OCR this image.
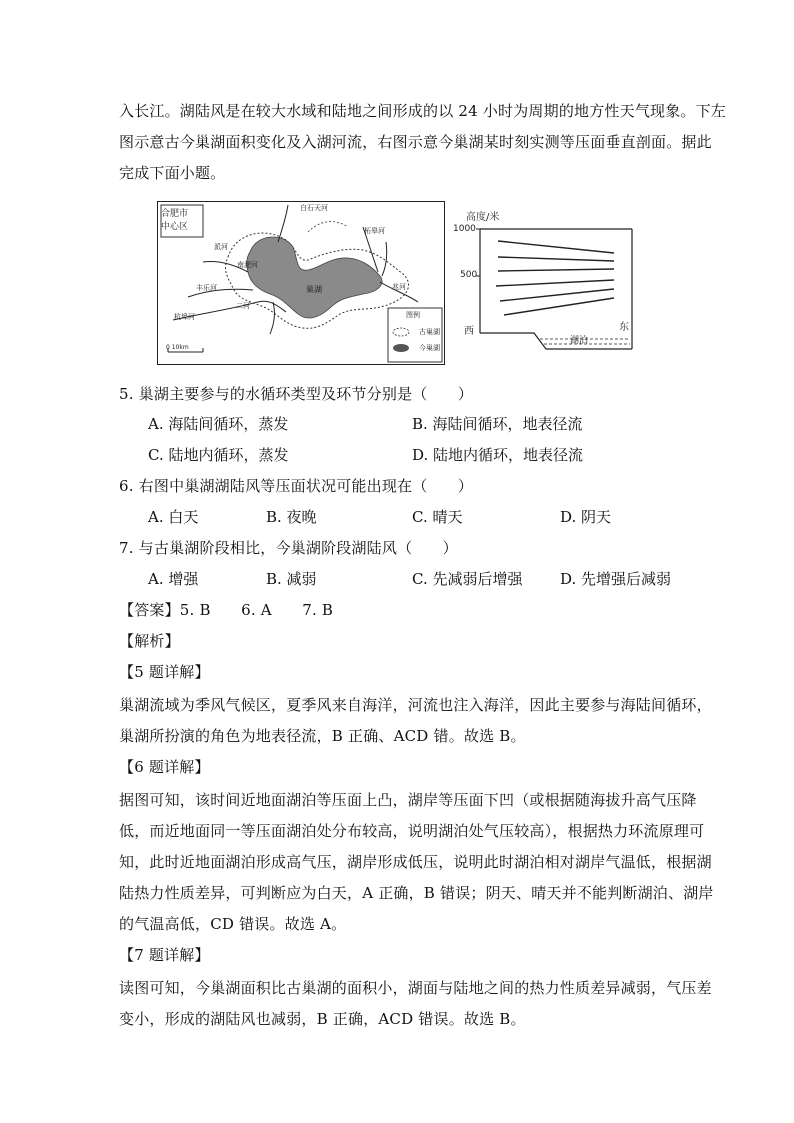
入长江。湖陆风是在较大水域和陆地之间形成的以 24 小时为周期的地方性天气现象。下左
图示意古今巢湖面积变化及入湖河流，右图示意今巢湖某时刻实测等压面垂直剖面。据此
完成下面小题。
合肥市
中心区
派河
丰乐河
杭埠河
白石天河
柘皋河
南淝河
兆河
二河
巢湖
0 10km
图例
古巢湖
今巢湖
高度/米
1000
500
西	东
湖泊
5. 巢湖主要参与的水循环类型及环节分别是（　　）
A. 海陆间循环，蒸发	B. 海陆间循环，地表径流
C. 陆地内循环，蒸发	D. 陆地内循环，地表径流
6. 右图中巢湖湖陆风等压面状况可能出现在（　　）
A. 白天	B. 夜晚	C. 晴天	D. 阴天
7. 与古巢湖阶段相比，今巢湖阶段湖陆风（　　）
A. 增强	B. 减弱	C. 先减弱后增强	D. 先增强后减弱
【答案】5. B　　6. A　　7. B
【解析】
【5 题详解】
巢湖流域为季风气候区，夏季风来自海洋，河流也注入海洋，因此主要参与海陆间循环，
巢湖所扮演的角色为地表径流，B 正确、ACD 错。故选 B。
【6 题详解】
据图可知，该时间近地面湖泊等压面上凸，湖岸等压面下凹（或根据随海拔升高气压降
低，而近地面同一等压面湖泊处分布较高，说明湖泊处气压较高），根据热力环流原理可
知，此时近地面湖泊形成高气压，湖岸形成低压，说明此时湖泊相对湖岸气温低，根据湖
陆热力性质差异，可判断应为白天，A 正确，B 错误；阴天、晴天并不能判断湖泊、湖岸
的气温高低，CD 错误。故选 A。
【7 题详解】
读图可知，今巢湖面积比古巢湖的面积小，湖面与陆地之间的热力性质差异减弱，气压差
变小，形成的湖陆风也减弱，B 正确，ACD 错误。故选 B。
